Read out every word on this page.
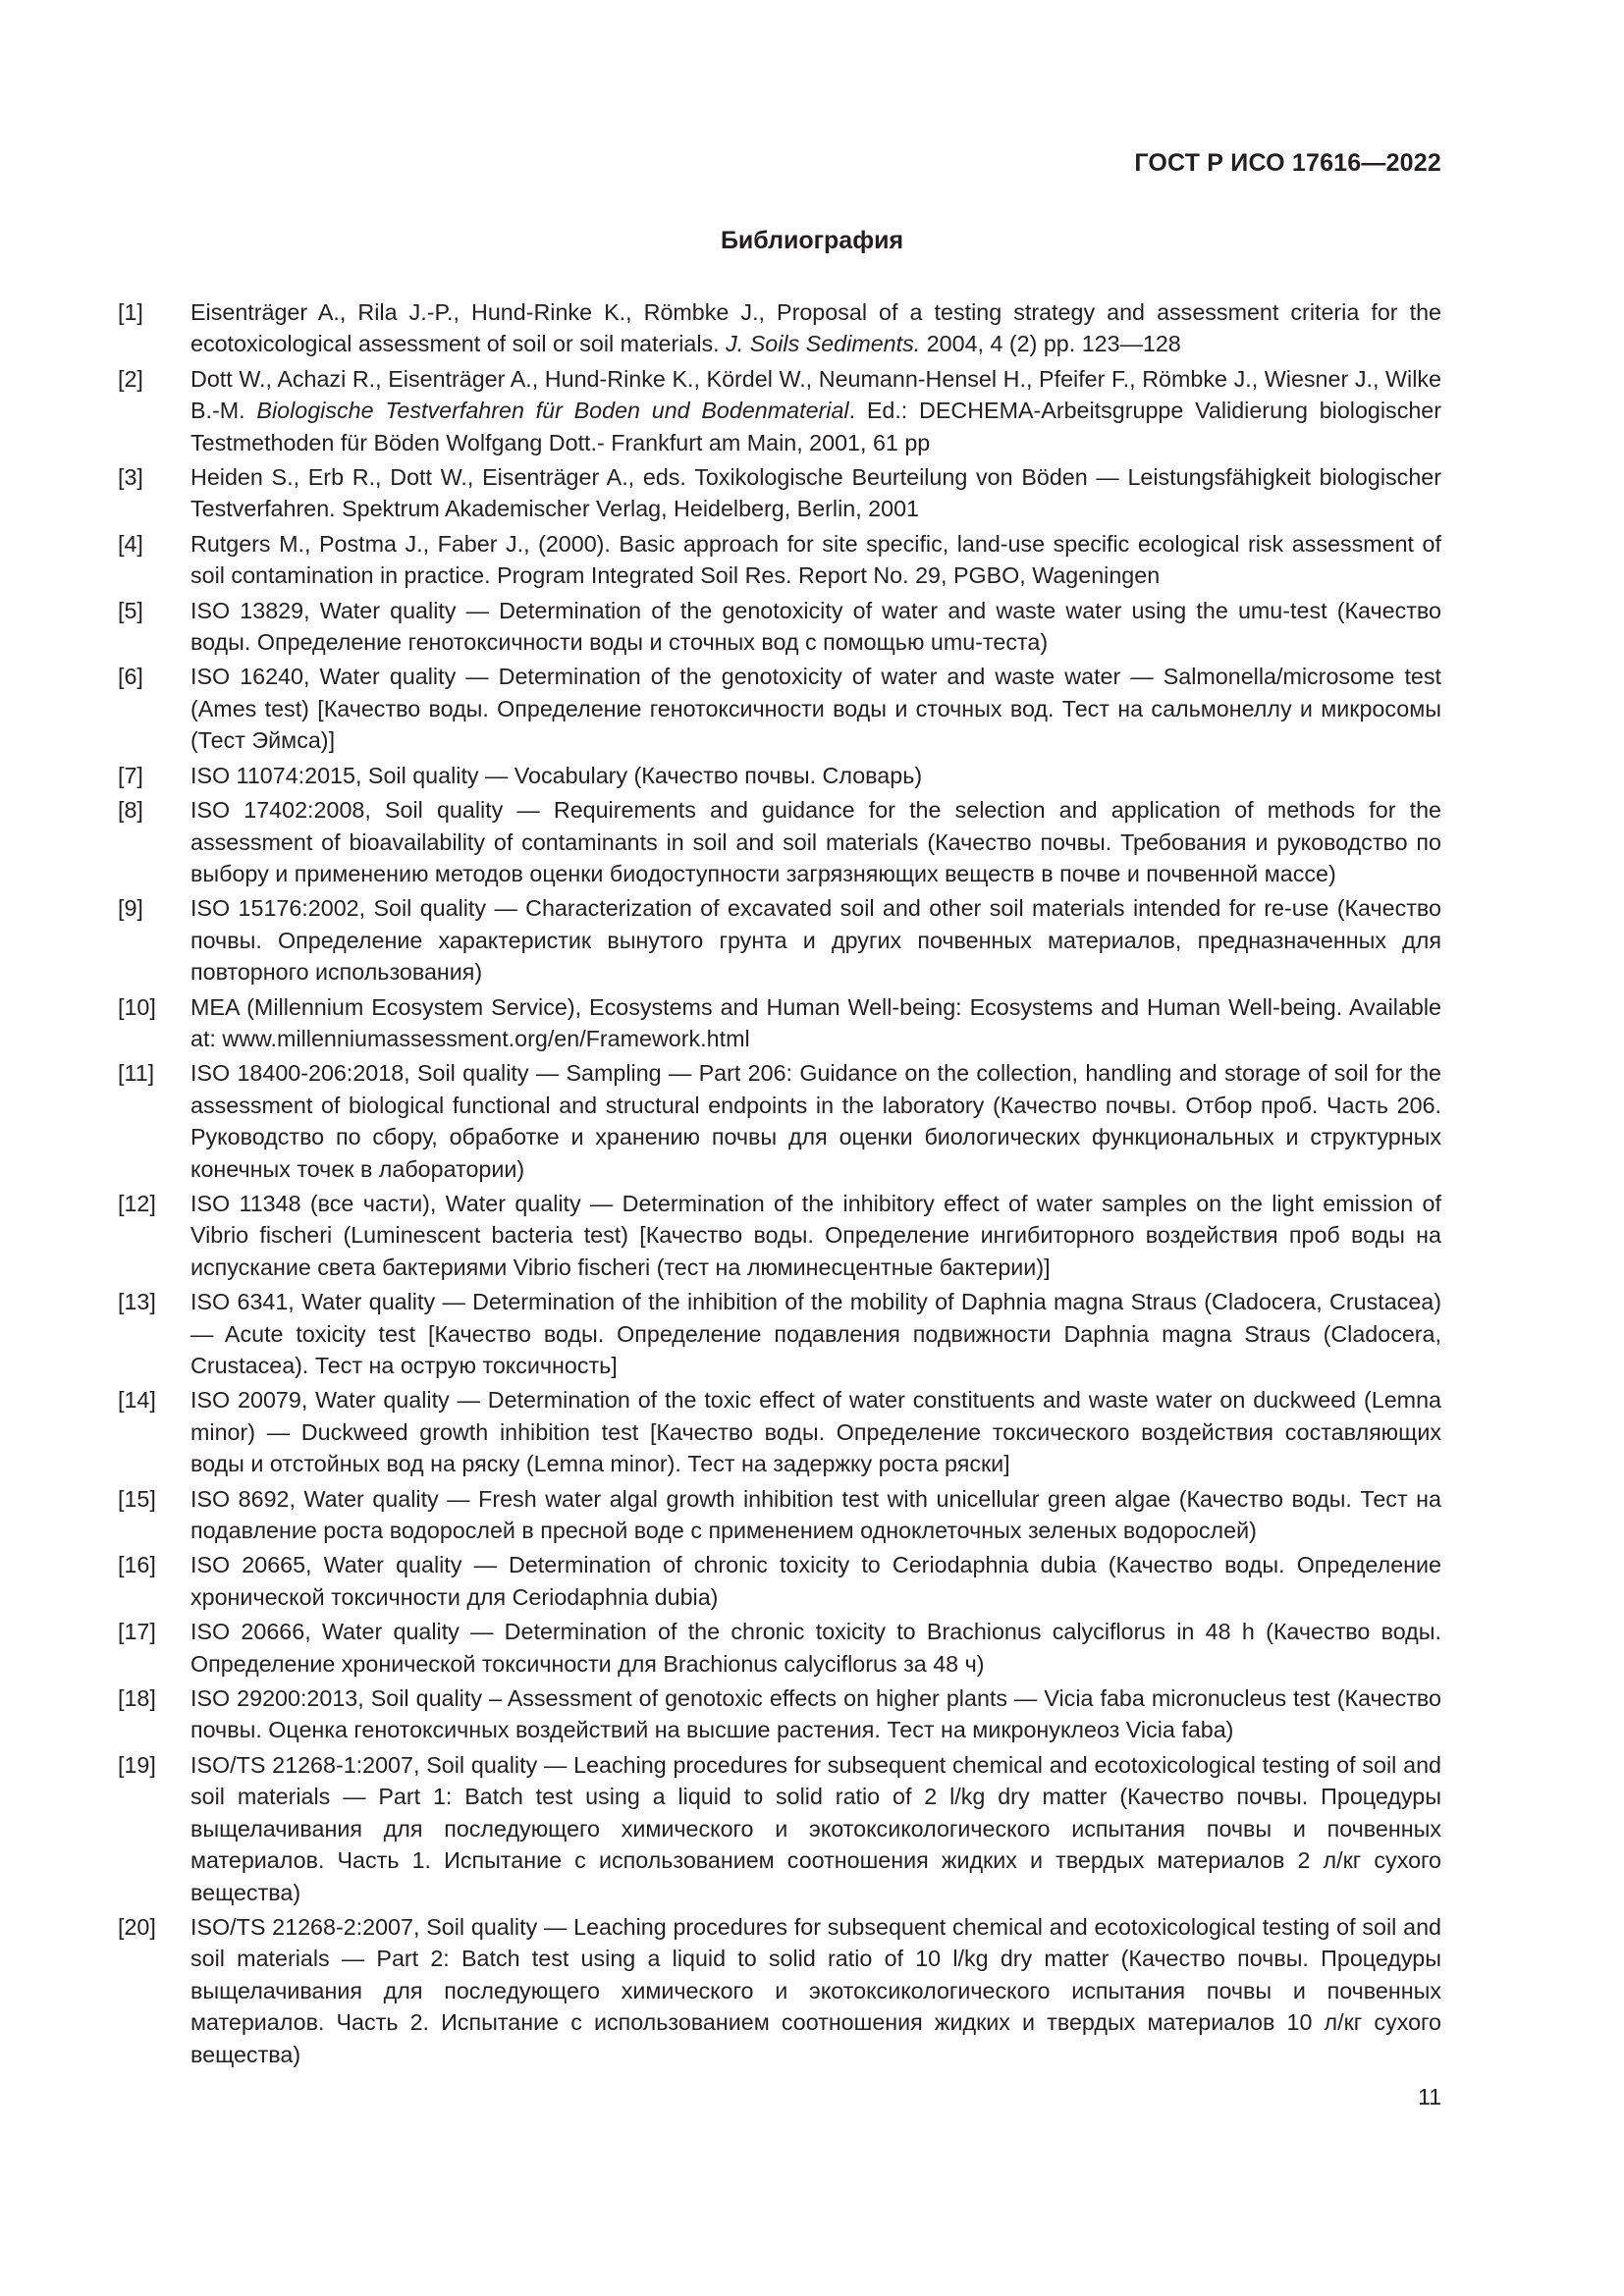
ГОСТ Р ИСО 17616—2022
Библиография
[1]	Eisenträger A., Rila J.-P., Hund-Rinke K., Römbke J., Proposal of a testing strategy and assessment criteria for the ecotoxicological assessment of soil or soil materials. J. Soils Sediments. 2004, 4 (2) pp. 123—128
[2]	Dott W., Achazi R., Eisenträger A., Hund-Rinke K., Kördel W., Neumann-Hensel H., Pfeifer F., Römbke J., Wiesner J., Wilke B.-M. Biologische Testverfahren für Boden und Bodenmaterial. Ed.: DECHEMA-Arbeitsgruppe Validierung biologischer Testmethoden für Böden Wolfgang Dott.- Frankfurt am Main, 2001, 61 pp
[3]	Heiden S., Erb R., Dott W., Eisenträger A., eds. Toxikologische Beurteilung von Böden — Leistungsfähigkeit biologischer Testverfahren. Spektrum Akademischer Verlag, Heidelberg, Berlin, 2001
[4]	Rutgers M., Postma J., Faber J., (2000). Basic approach for site specific, land-use specific ecological risk assessment of soil contamination in practice. Program Integrated Soil Res. Report No. 29, PGBO, Wageningen
[5]	ISO 13829, Water quality — Determination of the genotoxicity of water and waste water using the umu-test (Качество воды. Определение генотоксичности воды и сточных вод с помощью umu-теста)
[6]	ISO 16240, Water quality — Determination of the genotoxicity of water and waste water — Salmonella/microsome test (Ames test) [Качество воды. Определение генотоксичности воды и сточных вод. Тест на сальмонеллу и микросомы (Тест Эймса)]
[7]	ISO 11074:2015, Soil quality — Vocabulary (Качество почвы. Словарь)
[8]	ISO 17402:2008, Soil quality — Requirements and guidance for the selection and application of methods for the assessment of bioavailability of contaminants in soil and soil materials (Качество почвы. Требования и руководство по выбору и применению методов оценки биодоступности загрязняющих веществ в почве и почвенной массе)
[9]	ISO 15176:2002, Soil quality — Characterization of excavated soil and other soil materials intended for re-use (Качество почвы. Определение характеристик вынутого грунта и других почвенных материалов, предназначенных для повторного использования)
[10]	MEA (Millennium Ecosystem Service), Ecosystems and Human Well-being: Ecosystems and Human Well-being. Available at: www.millenniumassessment.org/en/Framework.html
[11]	ISO 18400-206:2018, Soil quality — Sampling — Part 206: Guidance on the collection, handling and storage of soil for the assessment of biological functional and structural endpoints in the laboratory (Качество почвы. Отбор проб. Часть 206. Руководство по сбору, обработке и хранению почвы для оценки биологических функциональных и структурных конечных точек в лаборатории)
[12]	ISO 11348 (все части), Water quality — Determination of the inhibitory effect of water samples on the light emission of Vibrio fischeri (Luminescent bacteria test) [Качество воды. Определение ингибиторного воздействия проб воды на испускание света бактериями Vibrio fischeri (тест на люминесцентные бактерии)]
[13]	ISO 6341, Water quality — Determination of the inhibition of the mobility of Daphnia magna Straus (Cladocera, Crustacea) — Acute toxicity test [Качество воды. Определение подавления подвижности Daphnia magna Straus (Cladocera, Crustacea). Тест на острую токсичность]
[14]	ISO 20079, Water quality — Determination of the toxic effect of water constituents and waste water on duckweed (Lemna minor) — Duckweed growth inhibition test [Качество воды. Определение токсического воздействия составляющих воды и отстойных вод на ряску (Lemna minor). Тест на задержку роста ряски]
[15]	ISO 8692, Water quality — Fresh water algal growth inhibition test with unicellular green algae (Качество воды. Тест на подавление роста водорослей в пресной воде с применением одноклеточных зеленых водорослей)
[16]	ISO 20665, Water quality — Determination of chronic toxicity to Ceriodaphnia dubia (Качество воды. Определение хронической токсичности для Ceriodaphnia dubia)
[17]	ISO 20666, Water quality — Determination of the chronic toxicity to Brachionus calyciflorus in 48 h (Качество воды. Определение хронической токсичности для Brachionus calyciflorus за 48 ч)
[18]	ISO 29200:2013, Soil quality – Assessment of genotoxic effects on higher plants — Vicia faba micronucleus test (Качество почвы. Оценка генотоксичных воздействий на высшие растения. Тест на микронуклеоз Vicia faba)
[19]	ISO/TS 21268-1:2007, Soil quality — Leaching procedures for subsequent chemical and ecotoxicological testing of soil and soil materials — Part 1: Batch test using a liquid to solid ratio of 2 l/kg dry matter (Качество почвы. Процедуры выщелачивания для последующего химического и экотоксикологического испытания почвы и почвенных материалов. Часть 1. Испытание с использованием соотношения жидких и твердых материалов 2 л/кг сухого вещества)
[20]	ISO/TS 21268-2:2007, Soil quality — Leaching procedures for subsequent chemical and ecotoxicological testing of soil and soil materials — Part 2: Batch test using a liquid to solid ratio of 10 l/kg dry matter (Качество почвы. Процедуры выщелачивания для последующего химического и экотоксикологического испытания почвы и почвенных материалов. Часть 2. Испытание с использованием соотношения жидких и твердых материалов 10 л/кг сухого вещества)
11
